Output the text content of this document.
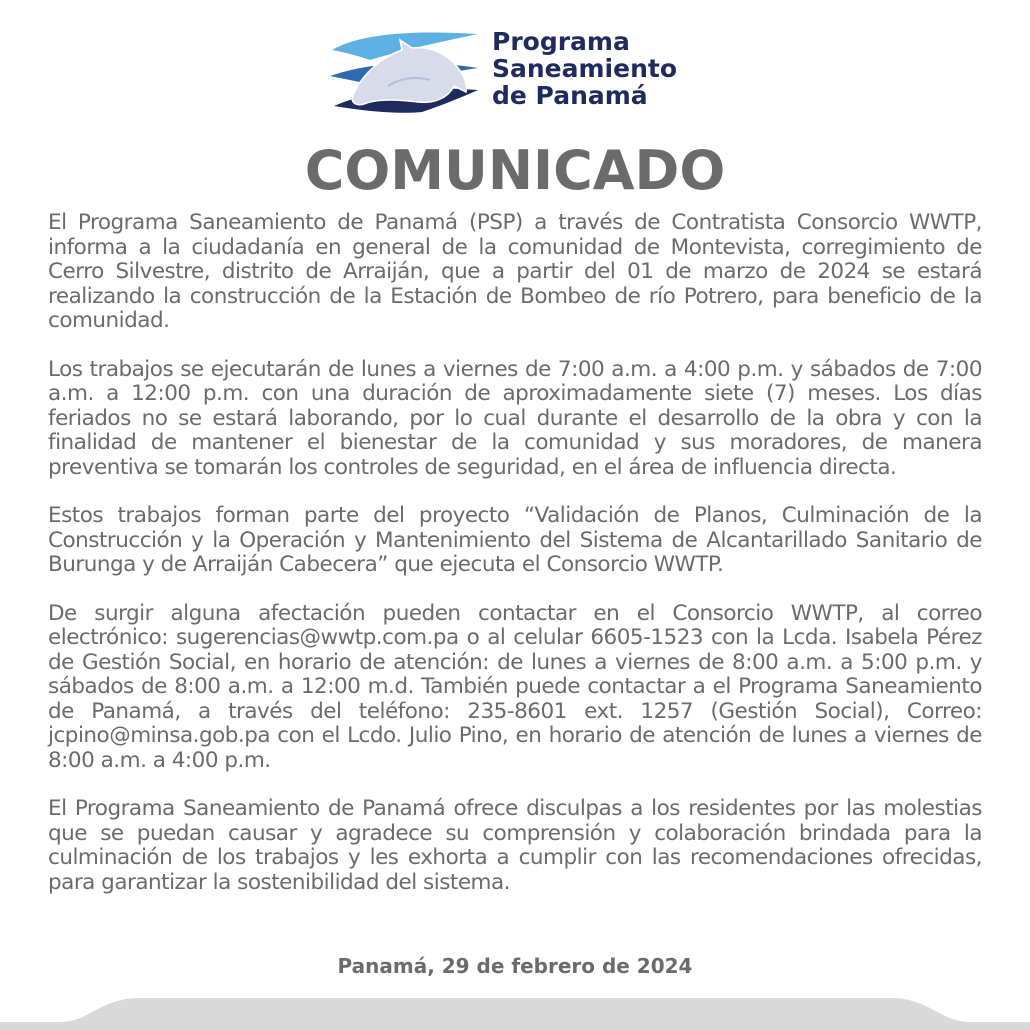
Programa
Saneamiento
de Panamá
COMUNICADO

El Programa Saneamiento de Panamá (PSP) a través de Contratista Consorcio WWTP, informa a la ciudadanía en general de la comunidad de Montevista, corregimiento de Cerro Silvestre, distrito de Arraiján, que a partir del 01 de marzo de 2024 se estará realizando la construcción de la Estación de Bombeo de río Potrero, para beneficio de la comunidad.

Los trabajos se ejecutarán de lunes a viernes de 7:00 a.m. a 4:00 p.m. y sábados de 7:00 a.m. a 12:00 p.m. con una duración de aproximadamente siete (7) meses. Los días feriados no se estará laborando, por lo cual durante el desarrollo de la obra y con la finalidad de mantener el bienestar de la comunidad y sus moradores, de manera preventiva se tomarán los controles de seguridad, en el área de influencia directa.

Estos trabajos forman parte del proyecto “Validación de Planos, Culminación de la Construcción y la Operación y Mantenimiento del Sistema de Alcantarillado Sanitario de Burunga y de Arraiján Cabecera” que ejecuta el Consorcio WWTP.

De surgir alguna afectación pueden contactar en el Consorcio WWTP, al correo electrónico: sugerencias@wwtp.com.pa o al celular 6605-1523 con la Lcda. Isabela Pérez de Gestión Social, en horario de atención: de lunes a viernes de 8:00 a.m. a 5:00 p.m. y sábados de 8:00 a.m. a 12:00 m.d. También puede contactar a el Programa Saneamiento de Panamá, a través del teléfono: 235-8601 ext. 1257 (Gestión Social), Correo: jcpino@minsa.gob.pa con el Lcdo. Julio Pino, en horario de atención de lunes a viernes de 8:00 a.m. a 4:00 p.m.

El Programa Saneamiento de Panamá ofrece disculpas a los residentes por las molestias que se puedan causar y agradece su comprensión y colaboración brindada para la culminación de los trabajos y les exhorta a cumplir con las recomendaciones ofrecidas, para garantizar la sostenibilidad del sistema.

Panamá, 29 de febrero de 2024
